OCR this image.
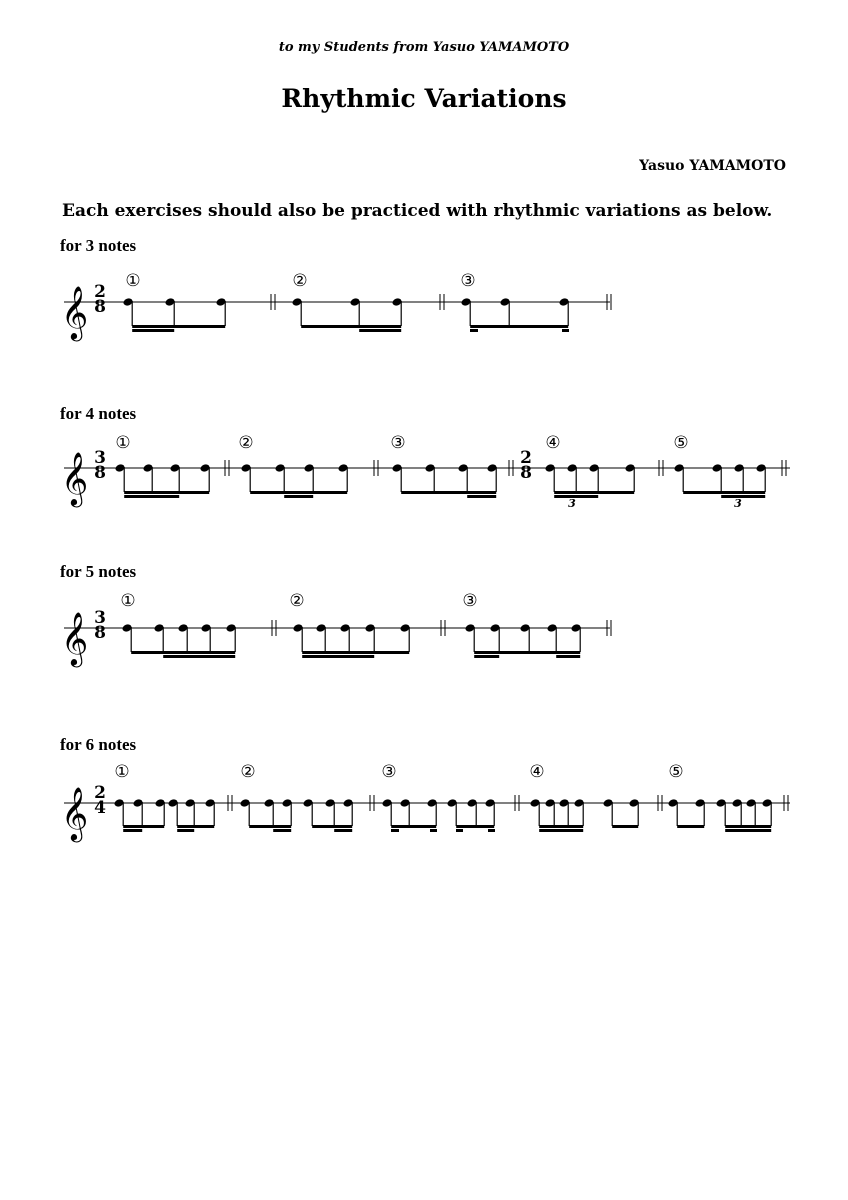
to my Students from Yasuo YAMAMOTO
Rhythmic Variations
Yasuo YAMAMOTO
Each exercises should also be practiced with rhythmic variations as below.
for 3 notes
for 4 notes
for 5 notes
for 6 notes
𝄞 2
8
①	②	③
𝄞 3
8
①	②	③
2
8
④
3
⑤
3
𝄞 3
8
①	②	③
𝄞 2
4
①	②	③	④	⑤
